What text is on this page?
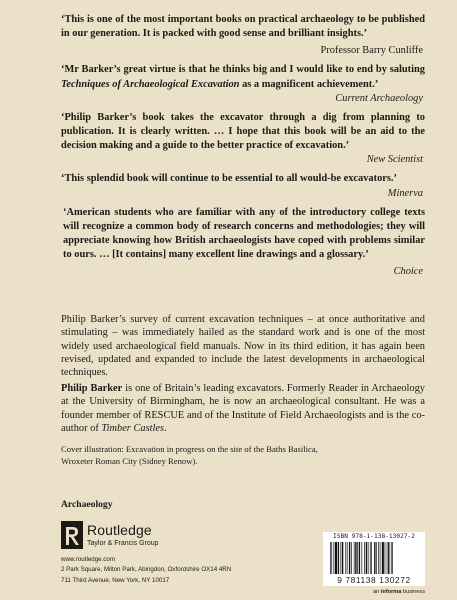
‘This is one of the most important books on practical archaeology to be published in our generation. It is packed with good sense and brilliant insights.’

Professor Barry Cunliffe

‘Mr Barker’s great virtue is that he thinks big and I would like to end by saluting Techniques of Archaeological Excavation as a magnificent achievement.’

Current Archaeology

‘Philip Barker’s book takes the excavator through a dig from planning to publication. It is clearly written. … I hope that this book will be an aid to the decision making and a guide to the better practice of excavation.’

New Scientist

‘This splendid book will continue to be essential to all would-be excavators.’

Minerva

‘American students who are familiar with any of the introductory college texts will recognize a common body of research concerns and methodologies; they will appreciate knowing how British archaeologists have coped with problems similar to ours. … [It contains] many excellent line drawings and a glossary.’

Choice

Philip Barker’s survey of current excavation techniques – at once authoritative and stimulating – was immediately hailed as the standard work and is one of the most widely used archaeological field manuals. Now in its third edition, it has again been revised, updated and expanded to include the latest developments in archaeological techniques.

Philip Barker is one of Britain’s leading excavators. Formerly Reader in Archaeology at the University of Birmingham, he is now an archaeological consultant. He was a founder member of RESCUE and of the Institute of Field Archaeologists and is the co-author of Timber Castles.

Cover illustration: Excavation in progress on the site of the Baths Basilica,
Wroxeter Roman City (Sidney Renow).

Archaeology

Routledge

Taylor & Francis Group

www.routledge.com

2 Park Square, Milton Park, Abingdon, Oxfordshire OX14 4RN

711 Third Avenue, New York, NY 10017

ISBN 978-1-138-13027-2

9 781138 130272

an informa business
